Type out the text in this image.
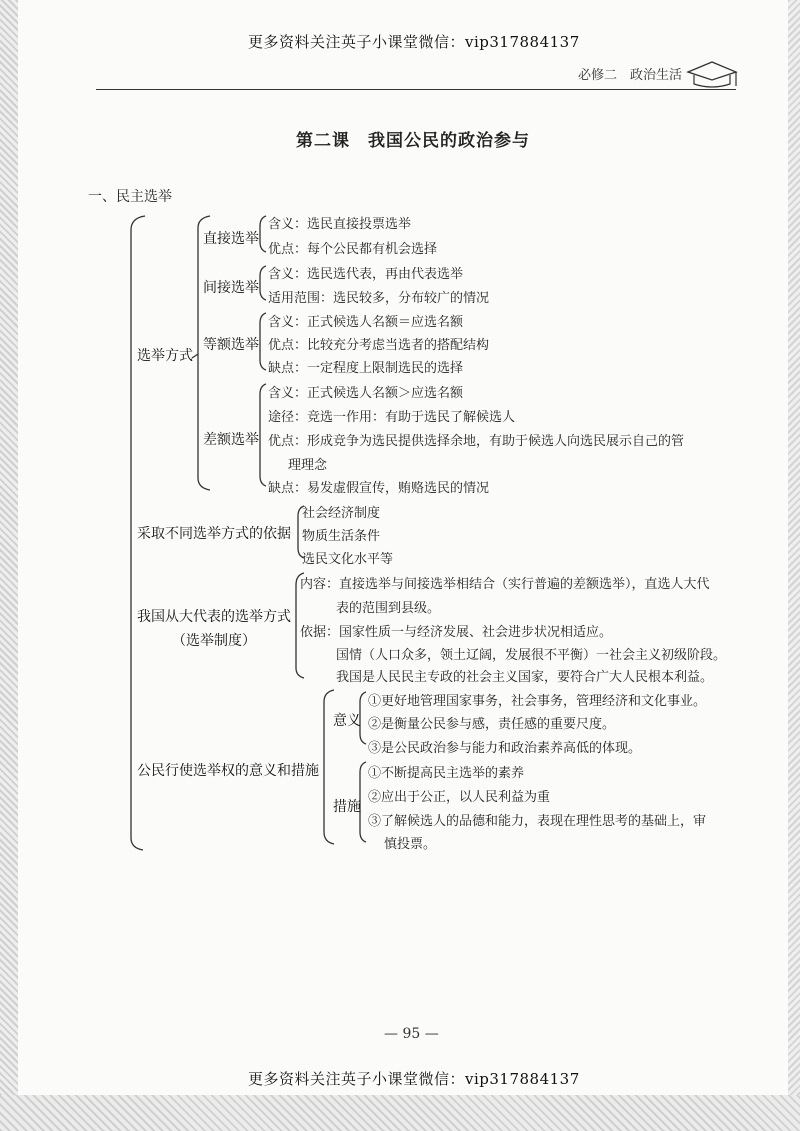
更多资料关注英子小课堂微信：vip317884137
必修二　政治生活
第二课　我国公民的政治参与
一、民主选举
选举方式
采取不同选举方式的依据
我国从大代表的选举方式
（选举制度）
公民行使选举权的意义和措施
直接选举
间接选举
等额选举
差额选举
意义
措施
含义：选民直接投票选举
优点：每个公民都有机会选择
含义：选民选代表，再由代表选举
适用范围：选民较多，分布较广的情况
含义：正式候选人名额＝应选名额
优点：比较充分考虑当选者的搭配结构
缺点：一定程度上限制选民的选择
含义：正式候选人名额＞应选名额
途径：竞选一作用：有助于选民了解候选人
优点：形成竞争为选民提供选择余地，有助于候选人向选民展示自己的管
理理念
缺点：易发虚假宣传，贿赂选民的情况
社会经济制度
物质生活条件
选民文化水平等
内容：直接选举与间接选举相结合（实行普遍的差额选举），直选人大代
表的范围到县级。
依据：国家性质一与经济发展、社会进步状况相适应。
国情（人口众多，领土辽阔，发展很不平衡）一社会主义初级阶段。
我国是人民民主专政的社会主义国家，要符合广大人民根本利益。
①更好地管理国家事务，社会事务，管理经济和文化事业。
②是衡量公民参与感，责任感的重要尺度。
③是公民政治参与能力和政治素养高低的体现。
①不断提高民主选举的素养
②应出于公正，以人民利益为重
③了解候选人的品德和能力，表现在理性思考的基础上，审
慎投票。
— 95 —
更多资料关注英子小课堂微信：vip317884137
